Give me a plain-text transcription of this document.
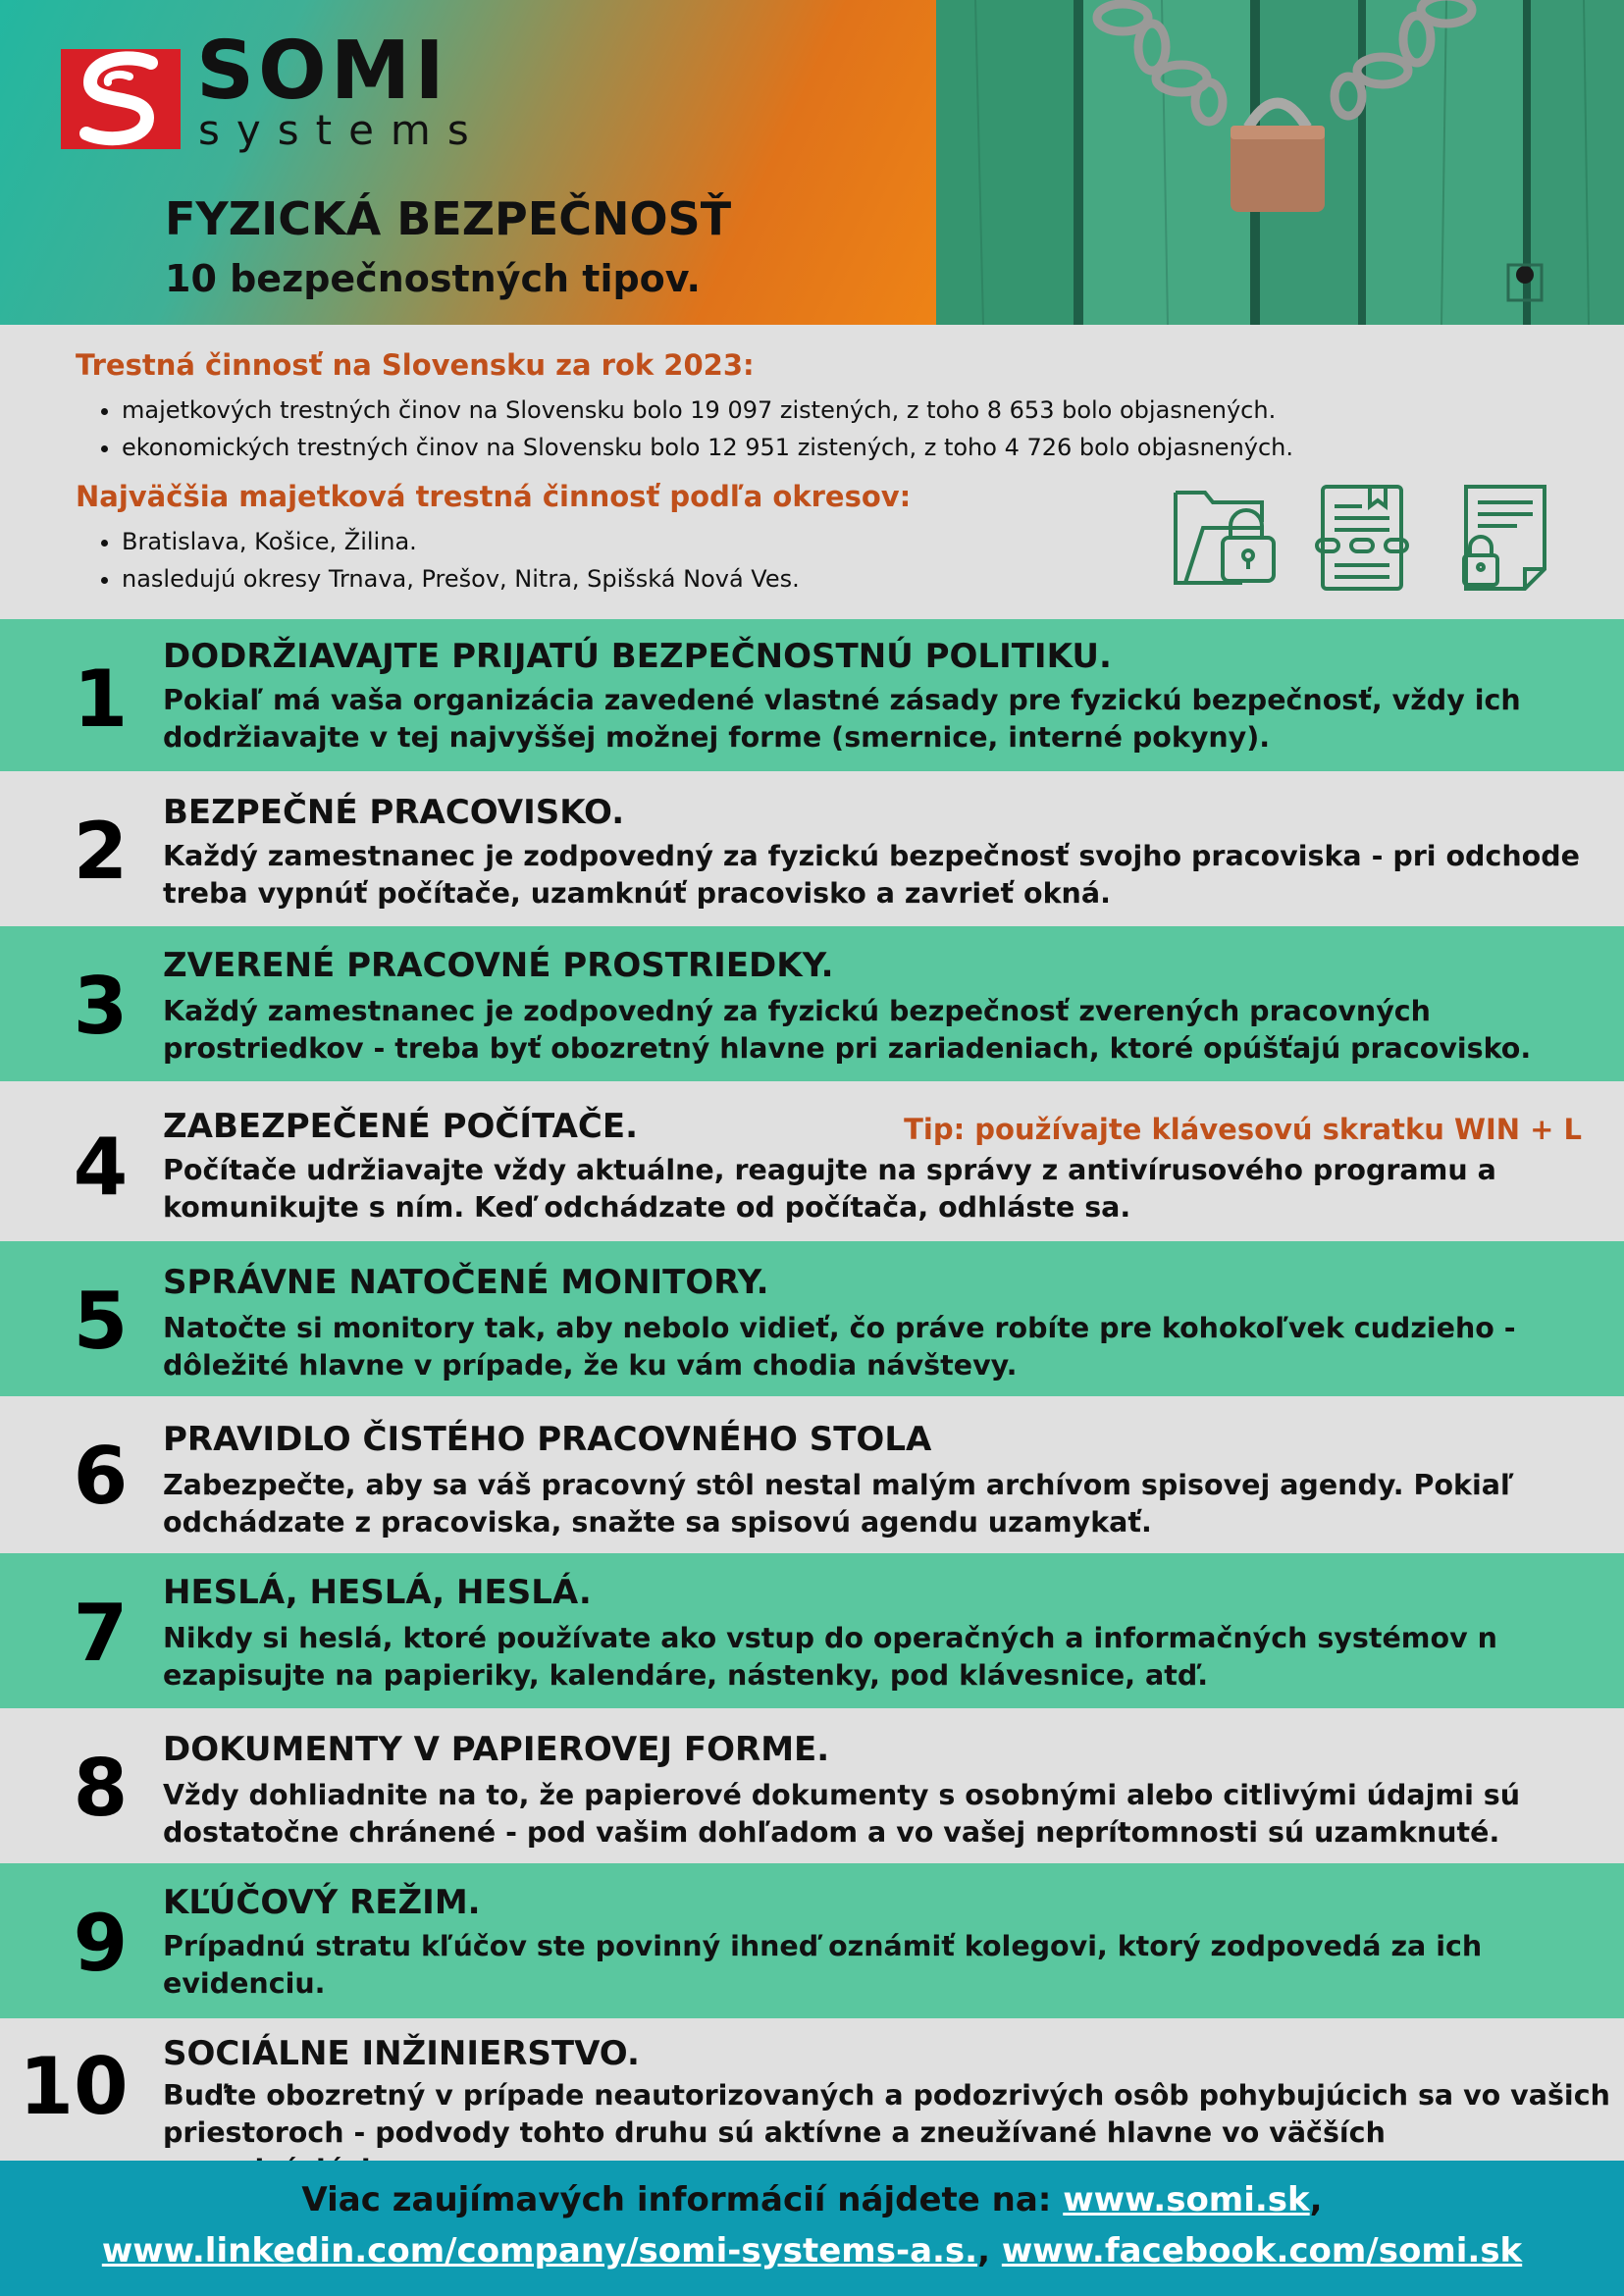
SOMI
systems
FYZICKÁ BEZPEČNOSŤ
10 bezpečnostných tipov.
Trestná činnosť na Slovensku za rok 2023:
• majetkových trestných činov na Slovensku bolo 19 097 zistených, z toho 8 653 bolo objasnených.
• ekonomických trestných činov na Slovensku bolo 12 951 zistených, z toho 4 726 bolo objasnených.
Najväčšia majetková trestná činnosť podľa okresov:
• Bratislava, Košice, Žilina.
• nasledujú okresy Trnava, Prešov, Nitra, Spišská Nová Ves.
1	DODRŽIAVAJTE PRIJATÚ BEZPEČNOSTNÚ POLITIKU.

Pokiaľ má vaša organizácia zavedené vlastné zásady pre fyzickú bezpečnosť, vždy ich dodržiavajte v tej najvyššej možnej forme (smernice, interné pokyny).

2	BEZPEČNÉ PRACOVISKO.

Každý zamestnanec je zodpovedný za fyzickú bezpečnosť svojho pracoviska - pri odchode treba vypnúť počítače, uzamknúť pracovisko a zavrieť okná.

3	ZVERENÉ PRACOVNÉ PROSTRIEDKY.

Každý zamestnanec je zodpovedný za fyzickú bezpečnosť zverených pracovných prostriedkov - treba byť obozretný hlavne pri zariadeniach, ktoré opúšťajú pracovisko.

4	ZABEZPEČENÉ POČÍTAČE.	Tip: používajte klávesovú skratku WIN + L

Počítače udržiavajte vždy aktuálne, reagujte na správy z antivírusového programu a komunikujte s ním. Keď odchádzate od počítača, odhláste sa.

5	SPRÁVNE NATOČENÉ MONITORY.

Natočte si monitory tak, aby nebolo vidieť, čo práve robíte pre kohokoľvek cudzieho - dôležité hlavne v prípade, že ku vám chodia návštevy.

6	PRAVIDLO ČISTÉHO PRACOVNÉHO STOLA

Zabezpečte, aby sa váš pracovný stôl nestal malým archívom spisovej agendy. Pokiaľ odchádzate z pracoviska, snažte sa spisovú agendu uzamykať.

7	HESLÁ, HESLÁ, HESLÁ.

Nikdy si heslá, ktoré používate ako vstup do operačných a informačných systémov n ezapisujte na papieriky, kalendáre, nástenky, pod klávesnice, atď.

8	DOKUMENTY V PAPIEROVEJ FORME.

Vždy dohliadnite na to, že papierové dokumenty s osobnými alebo citlivými údajmi sú dostatočne chránené - pod vašim dohľadom a vo vašej neprítomnosti sú uzamknuté.

9	KĽÚČOVÝ REŽIM.

Prípadnú stratu kľúčov ste povinný ihneď oznámiť kolegovi, ktorý zodpovedá za ich evidenciu.

10	SOCIÁLNE INŽINIERSTVO.

Buďte obozretný v prípade neautorizovaných a podozrivých osôb pohybujúcich sa vo vašich priestoroch - podvody tohto druhu sú aktívne a zneužívané hlavne vo väčších

Viac zaujímavých informácií nájdete na: www.somi.sk,
www.linkedin.com/company/somi-systems-a.s., www.facebook.com/somi.sk
